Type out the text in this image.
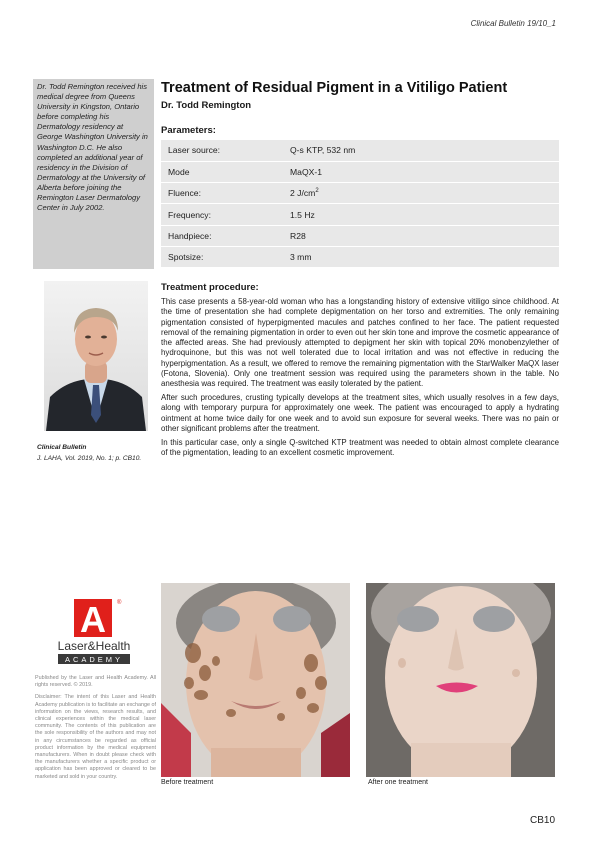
Clinical Bulletin 19/10_1
Dr. Todd Remington received his medical degree from Queens University in Kingston, Ontario before completing his Dermatology residency at George Washington University in Washington D.C. He also completed an additional year of residency in the Division of Dermatology at the University of Alberta before joining the Remington Laser Dermatology Center in July 2002.
Clinical Bulletin
J. LAHA, Vol. 2019, No. 1; p. CB10.
A ®
Laser&Health
ACADEMY

Published by the Laser and Health Academy. All rights reserved. © 2019.

Disclaimer: The intent of this Laser and Health Academy publication is to facilitate an exchange of information on the views, research results, and clinical experiences within the medical laser community. The contents of this publication are the sole responsibility of the authors and may not in any circumstances be regarded as official product information by the medical equipment manufacturers. When in doubt please check with the manufacturers whether a specific product or application has been approved or cleared to be marketed and sold in your country.

Treatment of Residual Pigment in a Vitiligo Patient
Dr. Todd Remington
Parameters:
Laser source:	Q-s KTP, 532 nm
Mode	MaQX-1
Fluence:	2 $J/cm^2$
Frequency:	1.5 Hz
Handpiece:	R28
Spotsize:	3 mm
Treatment procedure:

This case presents a 58-year-old woman who has a longstanding history of extensive vitiligo since childhood. At the time of presentation she had complete depigmentation on her torso and extremities. The only remaining pigmentation consisted of hyperpigmented macules and patches confined to her face. The patient requested removal of the remaining pigmentation in order to even out her skin tone and improve the cosmetic appearance of the affected areas. She had previously attempted to depigment her skin with topical 20% monobenzylether of hydroquinone, but this was not well tolerated due to local irritation and was not effective in reducing the hyperpigmentation. As a result, we offered to remove the remaining pigmentation with the StarWalker MaQX laser (Fotona, Slovenia). Only one treatment session was required using the parameters shown in the table. No anesthesia was required. The treatment was easily tolerated by the patient.

After such procedures, crusting typically develops at the treatment sites, which usually resolves in a few days, along with temporary purpura for approximately one week. The patient was encouraged to apply a hydrating ointment at home twice daily for one week and to avoid sun exposure for several weeks. There was no pain or other significant problems after the treatment.

In this particular case, only a single Q-switched KTP treatment was needed to obtain almost complete clearance of the pigmentation, leading to an excellent cosmetic improvement.

Before treatment	After one treatment
CB10
